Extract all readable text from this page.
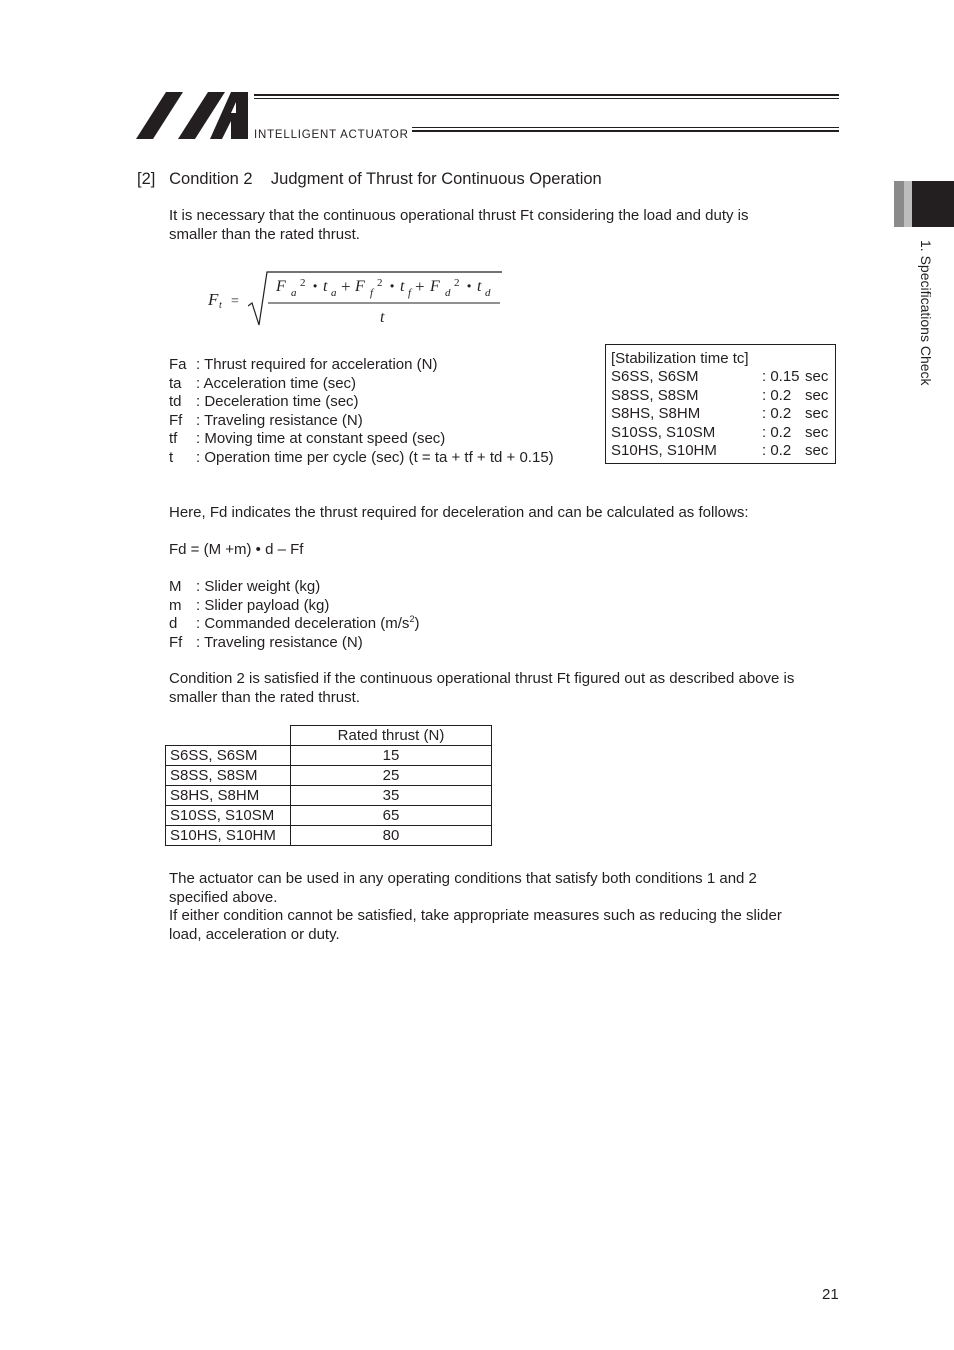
INTELLIGENT ACTUATOR
1. Specifications Check
[2] Condition 2    Judgment of Thrust for Continuous Operation
It is necessary that the continuous operational thrust Ft considering the load and duty is
smaller than the rated thrust.
F t =
F a
2 • t a + F f
2 • t f + F d
2 • t d
t
Fa : Thrust required for acceleration (N)
ta : Acceleration time (sec)
td : Deceleration time (sec)
Ff : Traveling resistance (N)
tf	: Moving time at constant speed (sec)
t	: Operation time per cycle (sec) (t = ta + tf + td + 0.15)
[Stabilization time tc]
S6SS, S6SM	: 0.15 sec
S8SS, S8SM	: 0.2 sec
S8HS, S8HM	: 0.2 sec
S10SS, S10SM	: 0.2 sec
S10HS, S10HM	: 0.2 sec
Here, Fd indicates the thrust required for deceleration and can be calculated as follows:
Fd = (M +m) • d – Ff
M : Slider weight (kg)
m : Slider payload (kg)
d	: Commanded deceleration $(m/s^2)$
Ff : Traveling resistance (N)
Condition 2 is satisfied if the continuous operational thrust Ft figured out as described above is
smaller than the rated thrust.
	Rated thrust (N)
S6SS, S6SM	15
S8SS, S8SM	25
S8HS, S8HM	35
S10SS, S10SM	65
S10HS, S10HM	80
The actuator can be used in any operating conditions that satisfy both conditions 1 and 2
specified above.
If either condition cannot be satisfied, take appropriate measures such as reducing the slider
load, acceleration or duty.
21
